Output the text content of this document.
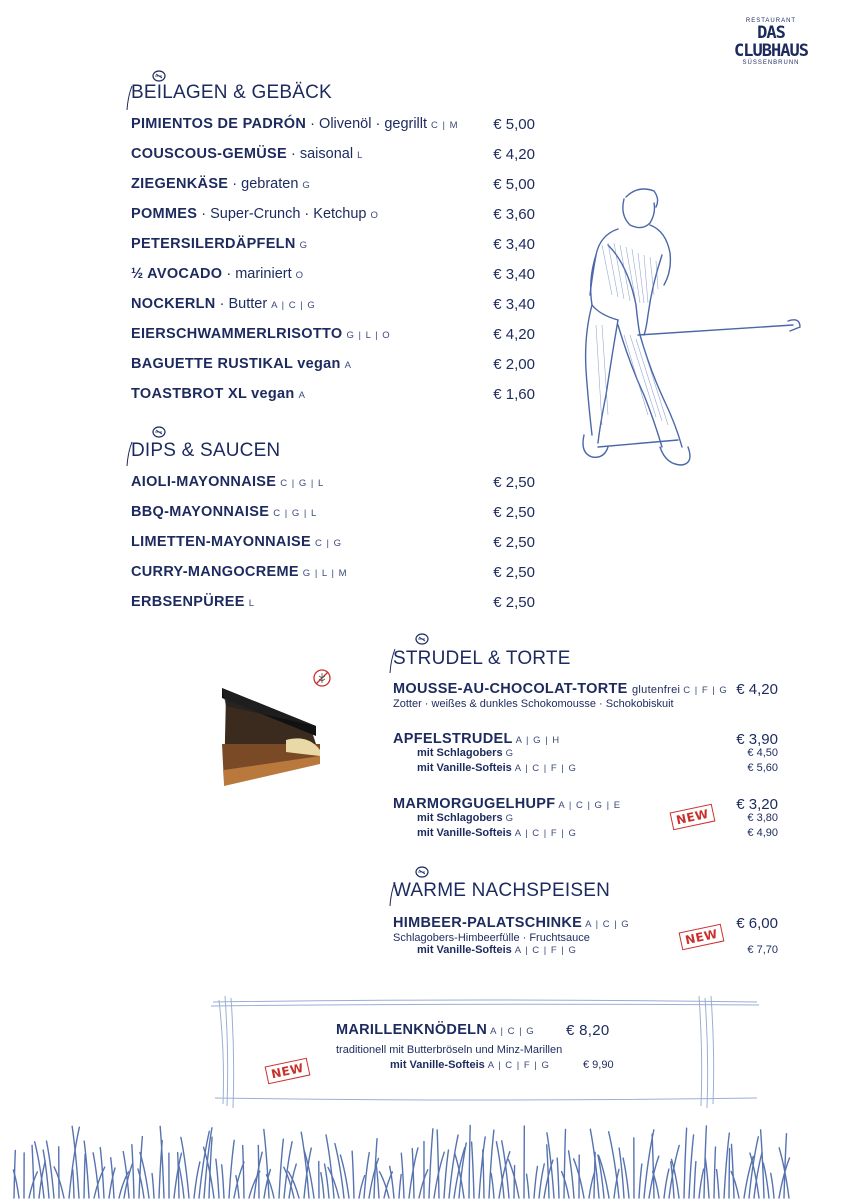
RESTAURANT
DAS CLUBHAUS
SÜSSENBRUNN
BEILAGEN & GEBÄCK
PIMIENTOS DE PADRÓN · Olivenöl · gegrillt C | M € 5,00
COUSCOUS-GEMÜSE · saisonal L	€ 4,20
ZIEGENKÄSE · gebraten G	€ 5,00
POMMES · Super-Crunch · Ketchup O	€ 3,60
PETERSILERDÄPFELN G	€ 3,40
½ AVOCADO · mariniert O	€ 3,40
NOCKERLN · Butter A | C | G	€ 3,40
EIERSCHWAMMERLRISOTTO G | L | O	€ 4,20
BAGUETTE RUSTIKAL vegan A	€ 2,00
TOASTBROT XL vegan A	€ 1,60
DIPS & SAUCEN
AIOLI-MAYONNAISE C | G | L	€ 2,50
BBQ-MAYONNAISE C | G | L	€ 2,50
LIMETTEN-MAYONNAISE C | G	€ 2,50
CURRY-MANGOCREME G | L | M	€ 2,50
ERBSENPÜREE L	€ 2,50
STRUDEL & TORTE
MOUSSE-AU-CHOCOLAT-TORTE glutenfrei C | F | G € 4,20
Zotter · weißes & dunkles Schokomousse · Schokobiskuit
APFELSTRUDEL A | G | H	€ 3,90
mit Schlagobers G	€ 4,50
mit Vanille-Softeis A | C | F | G	€ 5,60
MARMORGUGELHUPF A | C | G | E	€ 3,20
mit Schlagobers G	€ 3,80
mit Vanille-Softeis A | C | F | G	€ 4,90
NEW
WARME NACHSPEISEN
HIMBEER-PALATSCHINKE A | C | G	€ 6,00
Schlagobers-Himbeerfülle · Fruchtsauce
mit Vanille-Softeis A | C | F | G	€ 7,70
NEW
MARILLENKNÖDELN A | C | G € 8,20
traditionell mit Butterbröseln und Minz-Marillen
mit Vanille-Softeis A | C | F | G	€ 9,90
NEW
